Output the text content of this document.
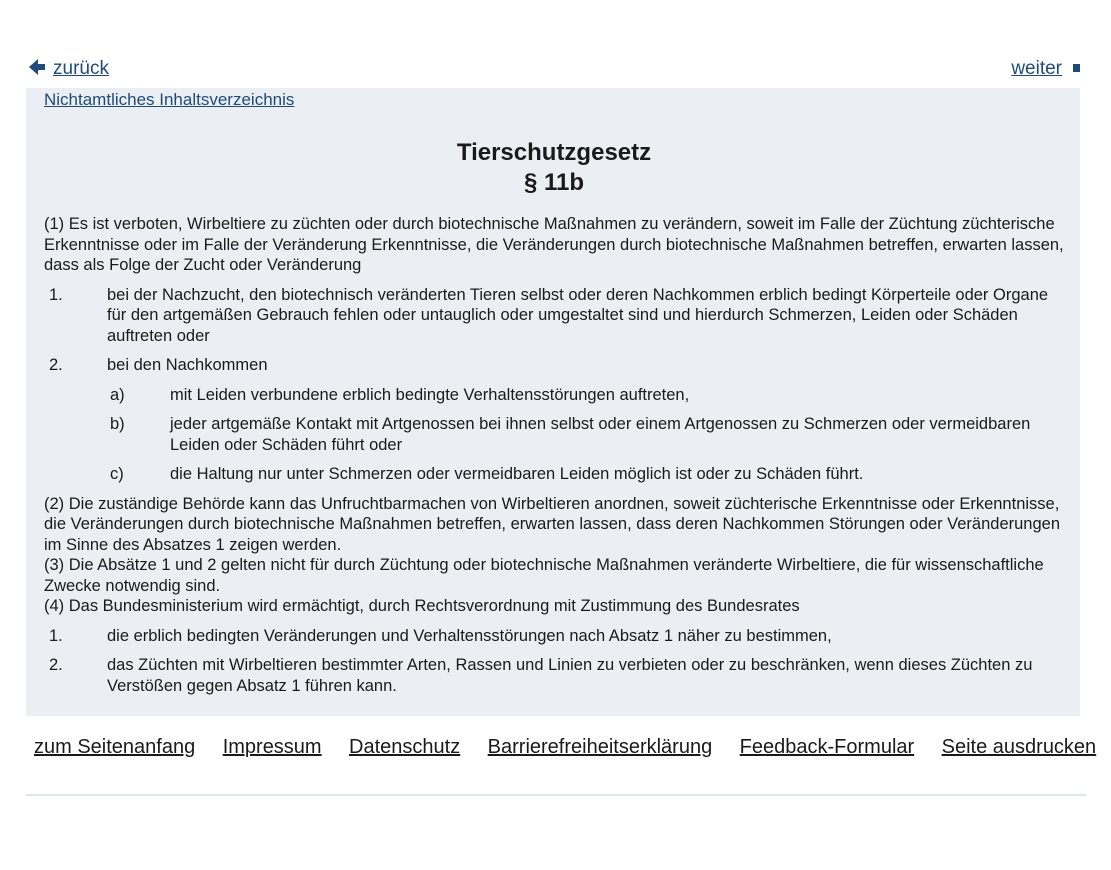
zurück	weiter
Nichtamtliches Inhaltsverzeichnis
Tierschutzgesetz
§ 11b

(1) Es ist verboten, Wirbeltiere zu züchten oder durch biotechnische Maßnahmen zu verändern, soweit im Falle der Züchtung züchterische Erkenntnisse oder im Falle der Veränderung Erkenntnisse, die Veränderungen durch biotechnische Maßnahmen betreffen, erwarten lassen, dass als Folge der Zucht oder Veränderung

1.	bei der Nachzucht, den biotechnisch veränderten Tieren selbst oder deren Nachkommen erblich bedingt Körperteile oder Organe für den artgemäßen Gebrauch fehlen oder untauglich oder umgestaltet sind und hierdurch Schmerzen, Leiden oder Schäden auftreten oder
2.	bei den Nachkommen
a)	mit Leiden verbundene erblich bedingte Verhaltensstörungen auftreten,
b)	jeder artgemäße Kontakt mit Artgenossen bei ihnen selbst oder einem Artgenossen zu Schmerzen oder vermeidbaren Leiden oder Schäden führt oder
c)	die Haltung nur unter Schmerzen oder vermeidbaren Leiden möglich ist oder zu Schäden führt.

(2) Die zuständige Behörde kann das Unfruchtbarmachen von Wirbeltieren anordnen, soweit züchterische Erkenntnisse oder Erkenntnisse, die Veränderungen durch biotechnische Maßnahmen betreffen, erwarten lassen, dass deren Nachkommen Störungen oder Veränderungen im Sinne des Absatzes 1 zeigen werden.

(3) Die Absätze 1 und 2 gelten nicht für durch Züchtung oder biotechnische Maßnahmen veränderte Wirbeltiere, die für wissenschaftliche Zwecke notwendig sind.

(4) Das Bundesministerium wird ermächtigt, durch Rechtsverordnung mit Zustimmung des Bundesrates

1.	die erblich bedingten Veränderungen und Verhaltensstörungen nach Absatz 1 näher zu bestimmen,
2.	das Züchten mit Wirbeltieren bestimmter Arten, Rassen und Linien zu verbieten oder zu beschränken, wenn dieses Züchten zu Verstößen gegen Absatz 1 führen kann.
zum Seitenanfang Impressum Datenschutz Barrierefreiheitserklärung Feedback-Formular Seite ausdrucken
